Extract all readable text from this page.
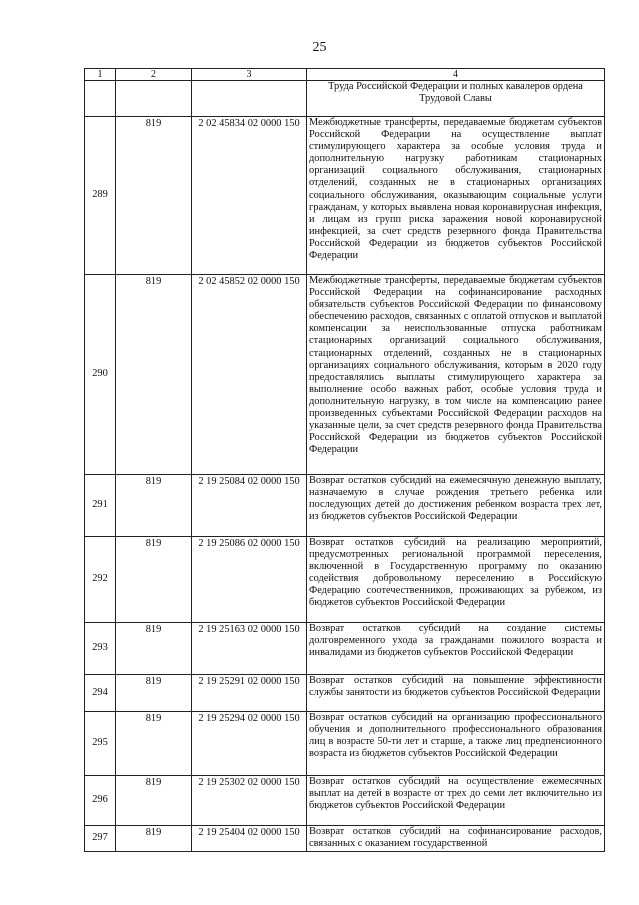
25
1	2	3	4
			Труда Российской Федерации и полных кавалеров ордена Трудовой Славы
289	819	2 02 45834 02 0000 150	Межбюджетные трансферты, передаваемые бюджетам субъектов Российской Федерации на осуществление выплат стимулирующего характера за особые условия труда и дополнительную нагрузку работникам стационарных организаций социального обслуживания, стационарных отделений, созданных не в стационарных организациях социального обслуживания, оказывающим социальные услуги гражданам, у которых выявлена новая коронавирусная инфекция, и лицам из групп риска заражения новой коронавирусной инфекцией, за счет средств резервного фонда Правительства Российской Федерации из бюджетов субъектов Российской Федерации
290	819	2 02 45852 02 0000 150	Межбюджетные трансферты, передаваемые бюджетам субъектов Российской Федерации на софинансирование расходных обязательств субъектов Российской Федерации по финансовому обеспечению расходов, связанных с оплатой отпусков и выплатой компенсации за неиспользованные отпуска работникам стационарных организаций социального обслуживания, стационарных отделений, созданных не в стационарных организациях социального обслуживания, которым в 2020 году предоставлялись выплаты стимулирующего характера за выполнение особо важных работ, особые условия труда и дополнительную нагрузку, в том числе на компенсацию ранее произведенных субъектами Российской Федерации расходов на указанные цели, за счет средств резервного фонда Правительства Российской Федерации из бюджетов субъектов Российской Федерации
291	819	2 19 25084 02 0000 150	Возврат остатков субсидий на ежемесячную денежную выплату, назначаемую в случае рождения третьего ребенка или последующих детей до достижения ребенком возраста трех лет, из бюджетов субъектов Российской Федерации
292	819	2 19 25086 02 0000 150	Возврат остатков субсидий на реализацию мероприятий, предусмотренных региональной программой переселения, включенной в Государственную программу по оказанию содействия добровольному переселению в Российскую Федерацию соотечественников, проживающих за рубежом, из бюджетов субъектов Российской Федерации
293	819	2 19 25163 02 0000 150	Возврат остатков субсидий на создание системы долговременного ухода за гражданами пожилого возраста и инвалидами из бюджетов субъектов Российской Федерации
294	819	2 19 25291 02 0000 150	Возврат остатков субсидий на повышение эффективности службы занятости из бюджетов субъектов Российской Федерации
295	819	2 19 25294 02 0000 150	Возврат остатков субсидий на организацию профессионального обучения и дополнительного профессионального образования лиц в возрасте 50-ти лет и старше, а также лиц предпенсионного возраста из бюджетов субъектов Российской Федерации
296	819	2 19 25302 02 0000 150	Возврат остатков субсидий на осуществление ежемесячных выплат на детей в возрасте от трех до семи лет включительно из бюджетов субъектов Российской Федерации
297	819	2 19 25404 02 0000 150	Возврат остатков субсидий на софинансирование расходов, связанных с оказанием государственной
